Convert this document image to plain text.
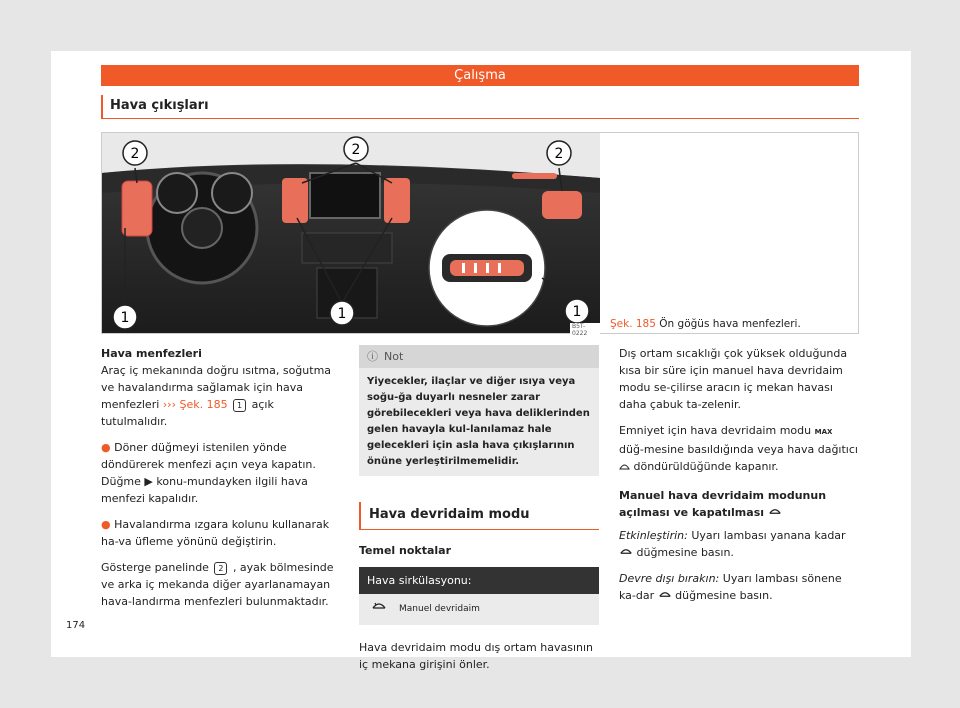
Çalışma
Hava çıkışları
2	2	2
1	1	1
B5T-0222
Şek. 185 Ön göğüs hava menfezleri.

Hava menfezleri

Araç iç mekanında doğru ısıtma, soğutma ve havalandırma sağlamak için hava menfezleri ››› Şek. 185 1 açık tutulmalıdır.

● Döner düğmeyi istenilen yönde döndürerek menfezi açın veya kapatın. Düğme ▶ konu-mundayken ilgili hava menfezi kapalıdır.

● Havalandırma ızgara kolunu kullanarak ha-va üfleme yönünü değiştirin.

Gösterge panelinde 2 , ayak bölmesinde ve arka iç mekanda diğer ayarlanamayan hava-landırma menfezleri bulunmaktadır.

ⓘ Not
Yiyecekler, ilaçlar ve diğer ısıya veya soğu-ğa duyarlı nesneler zarar görebilecekleri veya hava deliklerinden gelen havayla kul-lanılamaz hale gelecekleri için asla hava çıkışlarının önüne yerleştirilmemelidir.
Hava devridaim modu
Temel noktalar
Hava sirkülasyonu:
Manuel devridaim

Hava devridaim modu dış ortam havasının iç mekana girişini önler.

Dış ortam sıcaklığı çok yüksek olduğunda kısa bir süre için manuel hava devridaim modu se-çilirse aracın iç mekan havası daha çabuk ta-zelenir.

Emniyet için hava devridaim modu MAX düğ-mesine basıldığında veya hava dağıtıcı  döndürüldüğünde kapanır.

Manuel hava devridaim modunun açılması ve kapatılması

Etkinleştirin: Uyarı lambası yanana kadar  düğmesine basın.

Devre dışı bırakın: Uyarı lambası sönene ka-dar düğmesine basın.

174
